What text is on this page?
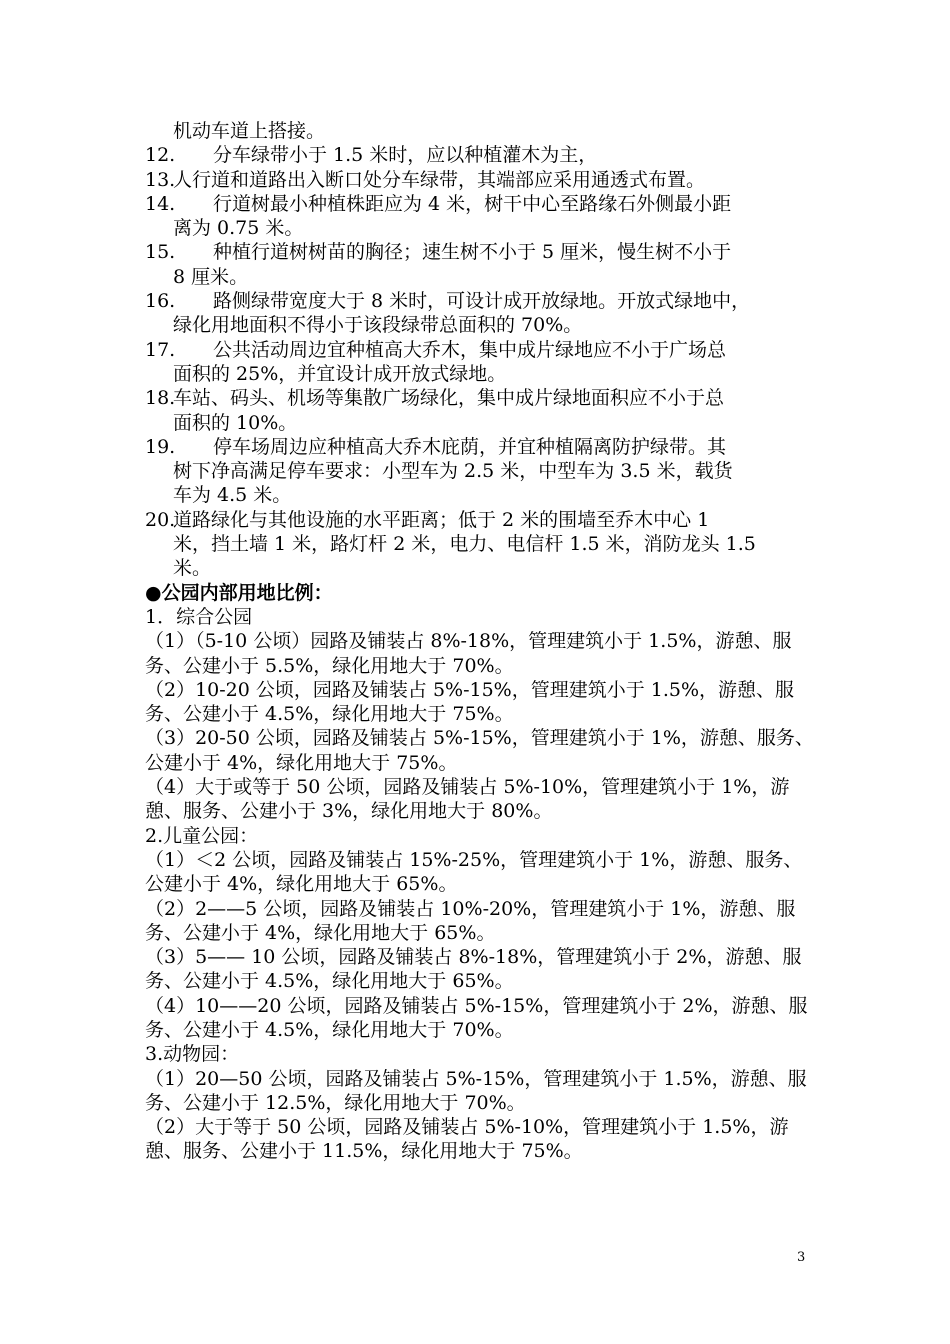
机动车道上搭接。
12.	分车绿带小于 1.5 米时，应以种植灌木为主，
13.
人行道和道路出入断口处分车绿带，其端部应采用通透式布置。
14.	行道树最小种植株距应为 4 米，树干中心至路缘石外侧最小距
离为 0.75 米。
15.	种植行道树树苗的胸径；速生树不小于 5 厘米，慢生树不小于
8 厘米。
16.	路侧绿带宽度大于 8 米时，可设计成开放绿地。开放式绿地中，
绿化用地面积不得小于该段绿带总面积的 70%。
17.	公共活动周边宜种植高大乔木，集中成片绿地应不小于广场总
面积的 25%，并宜设计成开放式绿地。
18.
车站、码头、机场等集散广场绿化，集中成片绿地面积应不小于总
面积的 10%。
19.	停车场周边应种植高大乔木庇荫，并宜种植隔离防护绿带。其
树下净高满足停车要求：小型车为 2.5 米，中型车为 3.5 米，载货
车为 4.5 米。
20.
道路绿化与其他设施的水平距离；低于 2 米的围墙至乔木中心 1
米，挡土墙 1 米，路灯杆 2 米，电力、电信杆 1.5 米，消防龙头 1.5
米。
●公园内部用地比例：
1．综合公园
（1）（5-10 公顷）园路及铺装占 8%-18%，管理建筑小于 1.5%，游憩、服
务、公建小于 5.5%，绿化用地大于 70%。
（2）10-20 公顷，园路及铺装占 5%-15%，管理建筑小于 1.5%，游憩、服
务、公建小于 4.5%，绿化用地大于 75%。
（3）20-50 公顷，园路及铺装占 5%-15%，管理建筑小于 1%，游憩、服务、
公建小于 4%，绿化用地大于 75%。
（4）大于或等于 50 公顷，园路及铺装占 5%-10%，管理建筑小于 1%，游
憩、服务、公建小于 3%，绿化用地大于 80%。
2.儿童公园：
（1）＜2 公顷，园路及铺装占 15%-25%，管理建筑小于 1%，游憩、服务、
公建小于 4%，绿化用地大于 65%。
（2）2——5 公顷，园路及铺装占 10%-20%，管理建筑小于 1%，游憩、服
务、公建小于 4%，绿化用地大于 65%。
（3）5—— 10 公顷，园路及铺装占 8%-18%，管理建筑小于 2%，游憩、服
务、公建小于 4.5%，绿化用地大于 65%。
（4）10——20 公顷，园路及铺装占 5%-15%，管理建筑小于 2%，游憩、服
务、公建小于 4.5%，绿化用地大于 70%。
3.动物园：
（1）20—50 公顷，园路及铺装占 5%-15%，管理建筑小于 1.5%，游憩、服
务、公建小于 12.5%，绿化用地大于 70%。
（2）大于等于 50 公顷，园路及铺装占 5%-10%，管理建筑小于 1.5%，游
憩、服务、公建小于 11.5%，绿化用地大于 75%。
3
